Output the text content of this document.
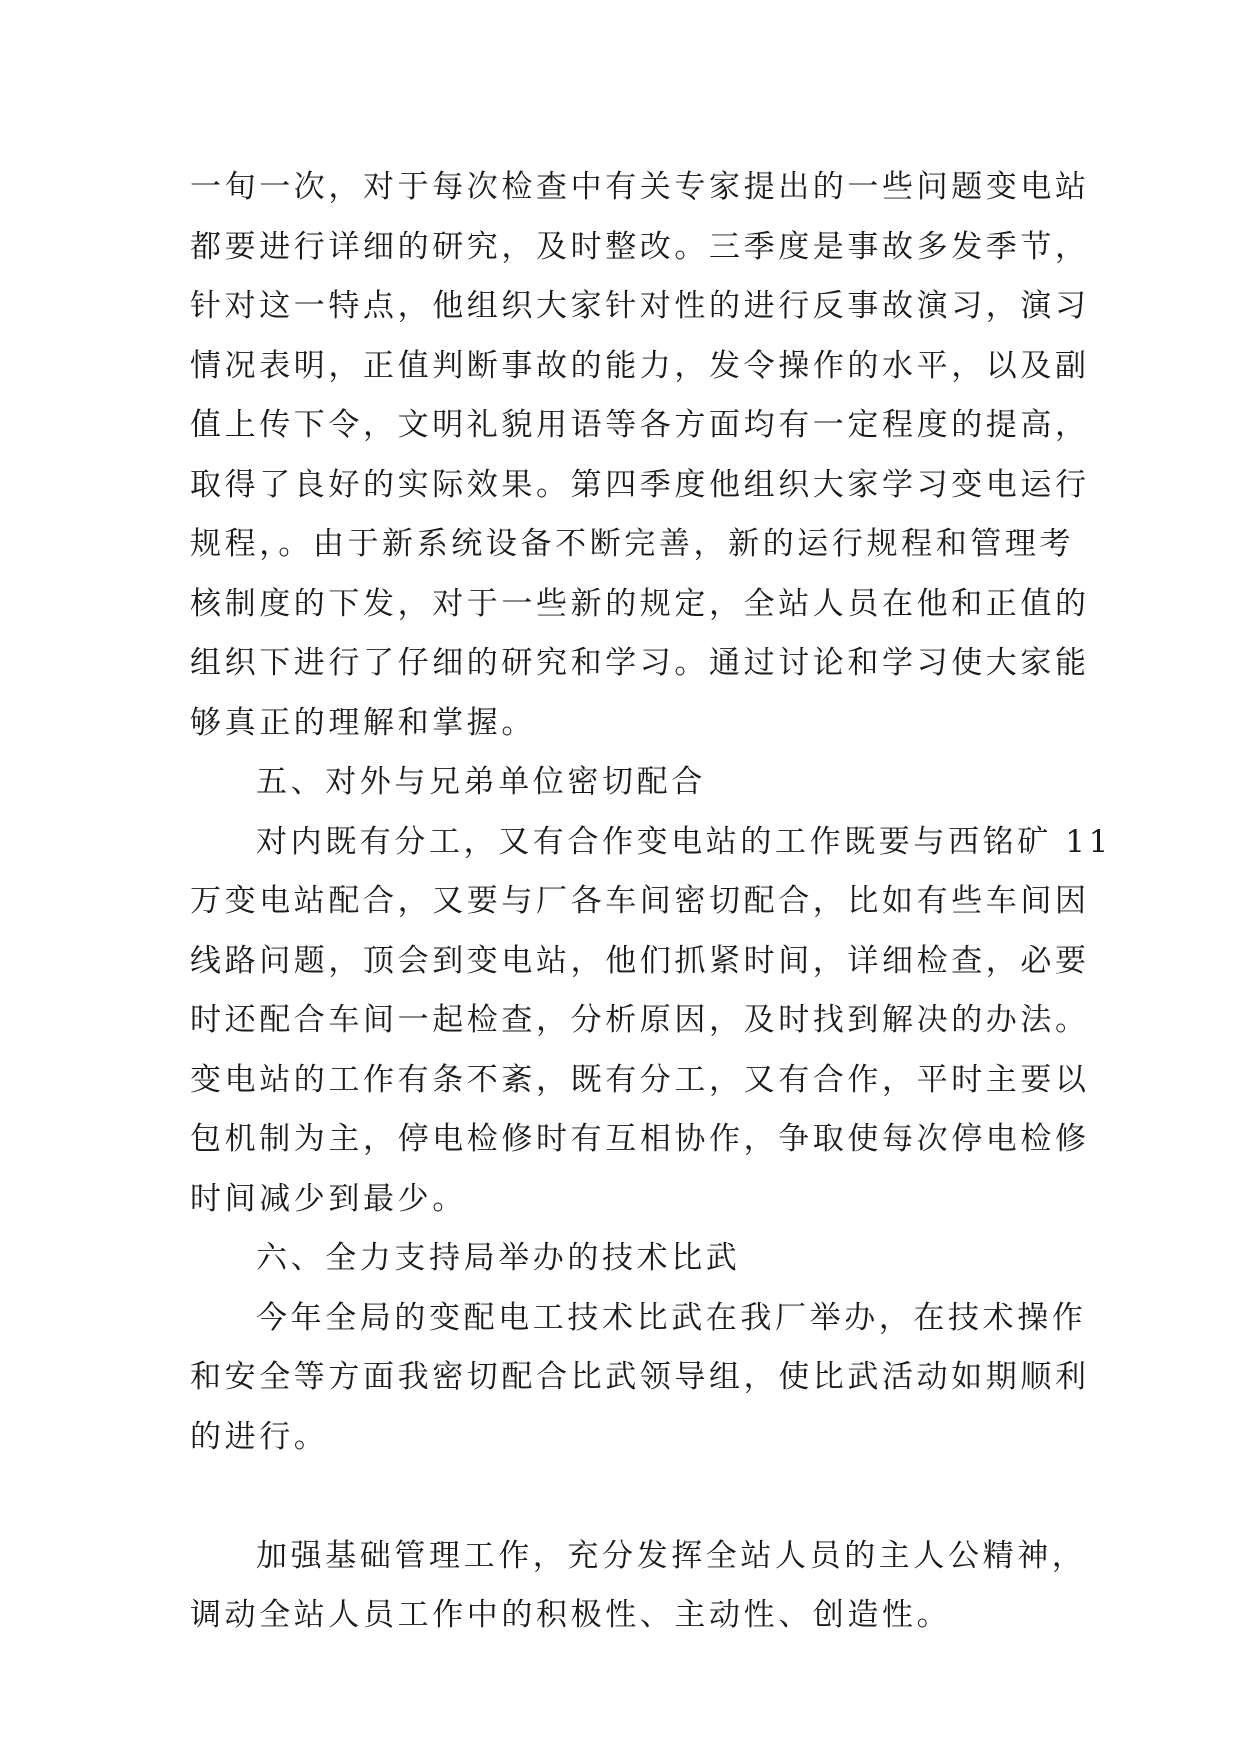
一旬一次，对于每次检查中有关专家提出的一些问题变电站
都要进行详细的研究，及时整改。三季度是事故多发季节，
针对这一特点，他组织大家针对性的进行反事故演习，演习
情况表明，正值判断事故的能力，发令操作的水平，以及副
值上传下令，文明礼貌用语等各方面均有一定程度的提高，
取得了良好的实际效果。第四季度他组织大家学习变电运行
规程，。由于新系统设备不断完善，新的运行规程和管理考
核制度的下发，对于一些新的规定，全站人员在他和正值的
组织下进行了仔细的研究和学习。通过讨论和学习使大家能
够真正的理解和掌握。
五、对外与兄弟单位密切配合
对内既有分工，又有合作变电站的工作既要与西铭矿 11
万变电站配合，又要与厂各车间密切配合，比如有些车间因
线路问题，顶会到变电站，他们抓紧时间，详细检查，必要
时还配合车间一起检查，分析原因，及时找到解决的办法。
变电站的工作有条不紊，既有分工，又有合作，平时主要以
包机制为主，停电检修时有互相协作，争取使每次停电检修
时间减少到最少。
六、全力支持局举办的技术比武
今年全局的变配电工技术比武在我厂举办，在技术操作
和安全等方面我密切配合比武领导组，使比武活动如期顺利
的进行。
加强基础管理工作，充分发挥全站人员的主人公精神，
调动全站人员工作中的积极性、主动性、创造性。
